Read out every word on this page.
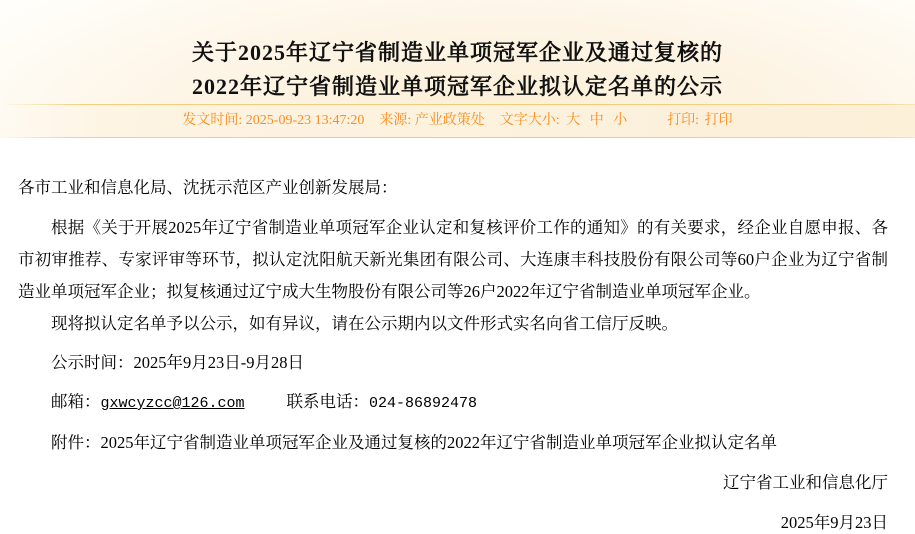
关于2025年辽宁省制造业单项冠军企业及通过复核的
2022年辽宁省制造业单项冠军企业拟认定名单的公示
发文时间: 2025-09-23 13:47:20 来源: 产业政策处 文字大小: 大 中 小	打印: 打印

各市工业和信息化局、沈抚示范区产业创新发展局：

根据《关于开展2025年辽宁省制造业单项冠军企业认定和复核评价工作的通知》的有关要求，经企业自愿申报、各市初审推荐、专家评审等环节，拟认定沈阳航天新光集团有限公司、大连康丰科技股份有限公司等60户企业为辽宁省制造业单项冠军企业；拟复核通过辽宁成大生物股份有限公司等26户2022年辽宁省制造业单项冠军企业。

现将拟认定名单予以公示，如有异议，请在公示期内以文件形式实名向省工信厅反映。

公示时间：2025年9月23日-9月28日

邮箱：gxwcyzcc@126.com	联系电话：024-86892478

附件：2025年辽宁省制造业单项冠军企业及通过复核的2022年辽宁省制造业单项冠军企业拟认定名单

辽宁省工业和信息化厅

2025年9月23日
